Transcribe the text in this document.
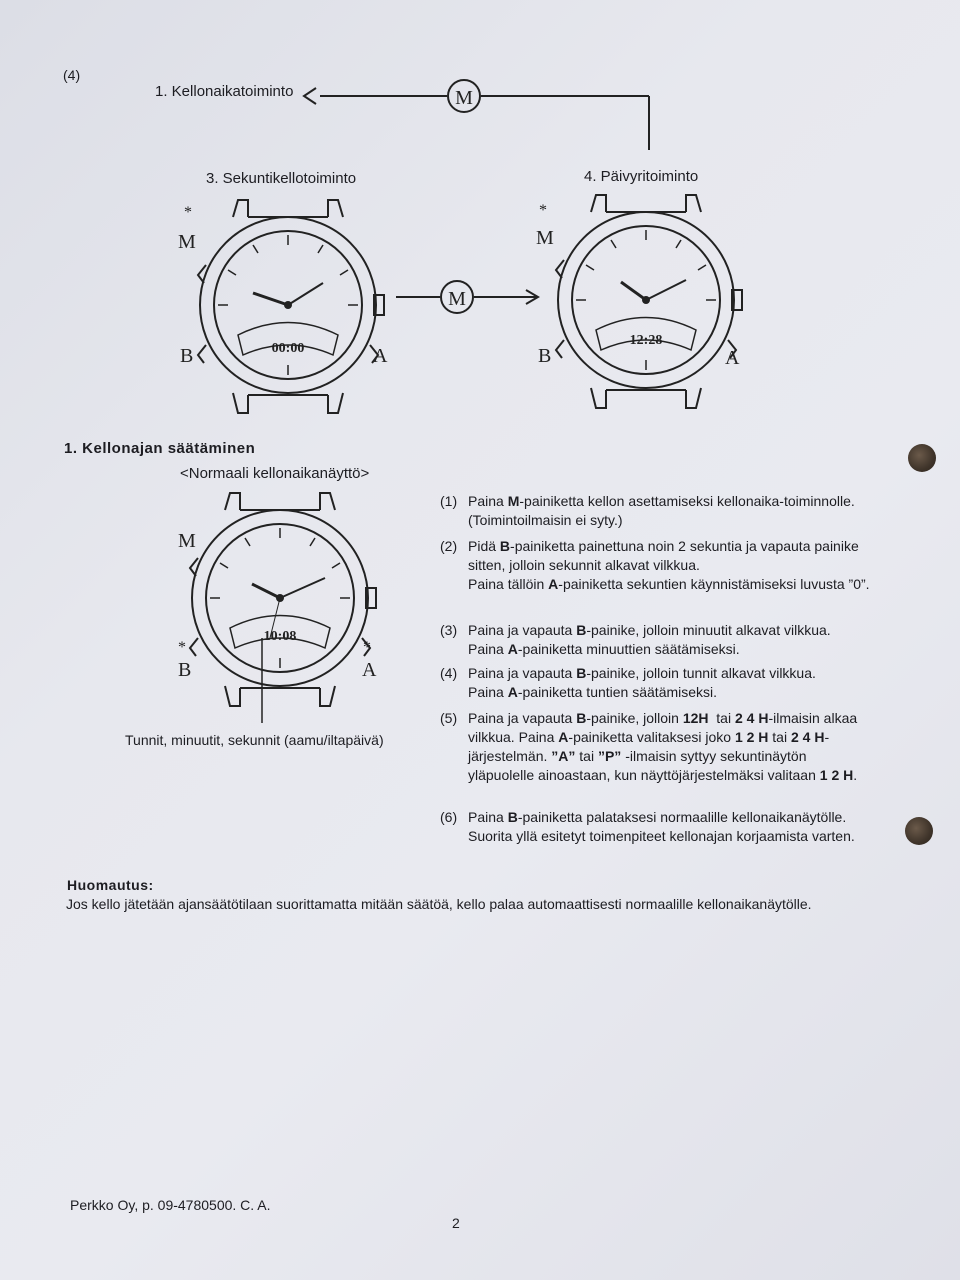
(4)
1. Kellonaikatoiminto
3. Sekuntikellotoiminto	4. Päivyritoiminto
M
M
00:00
*
M
B	A
12:28
*
M
B	A
1. Kellonajan säätäminen
<Normaali kellonaikanäyttö>
10:08
M
*
B
*
A
Tunnit, minuutit, sekunnit (aamu/iltapäivä)
(1) Paina M-painiketta kellon asettamiseksi kellonaika-toiminnolle. (Toimintoilmaisin ei syty.)
(2) Pidä B-painiketta painettuna noin 2 sekuntia ja vapauta painike sitten, jolloin sekunnit alkavat vilkkua.
Paina tällöin A-painiketta sekuntien käynnistämiseksi luvusta ”0”.
(3) Paina ja vapauta B-painike, jolloin minuutit alkavat vilkkua.
Paina A-painiketta minuuttien säätämiseksi.
(4) Paina ja vapauta B-painike, jolloin tunnit alkavat vilkkua.
Paina A-painiketta tuntien säätämiseksi.
(5) Paina ja vapauta B-painike, jolloin 12H  tai 2 4 H-ilmaisin alkaa vilkkua. Paina A-painiketta valitaksesi joko 1 2 H tai 2 4 H-järjestelmän. ”A” tai ”P” -ilmaisin syttyy sekuntinäytön yläpuolelle ainoastaan, kun näyttöjärjestelmäksi valitaan 1 2 H.
(6) Paina B-painiketta palataksesi normaalille kellonaikanäytölle. Suorita yllä esitetyt toimenpiteet kellonajan korjaamista varten.
Huomautus:
Jos kello jätetään ajansäätötilaan suorittamatta mitään säätöä, kello palaa automaattisesti normaalille kellonaikanäytölle.
Perkko Oy, p. 09-4780500. C. A.
2
